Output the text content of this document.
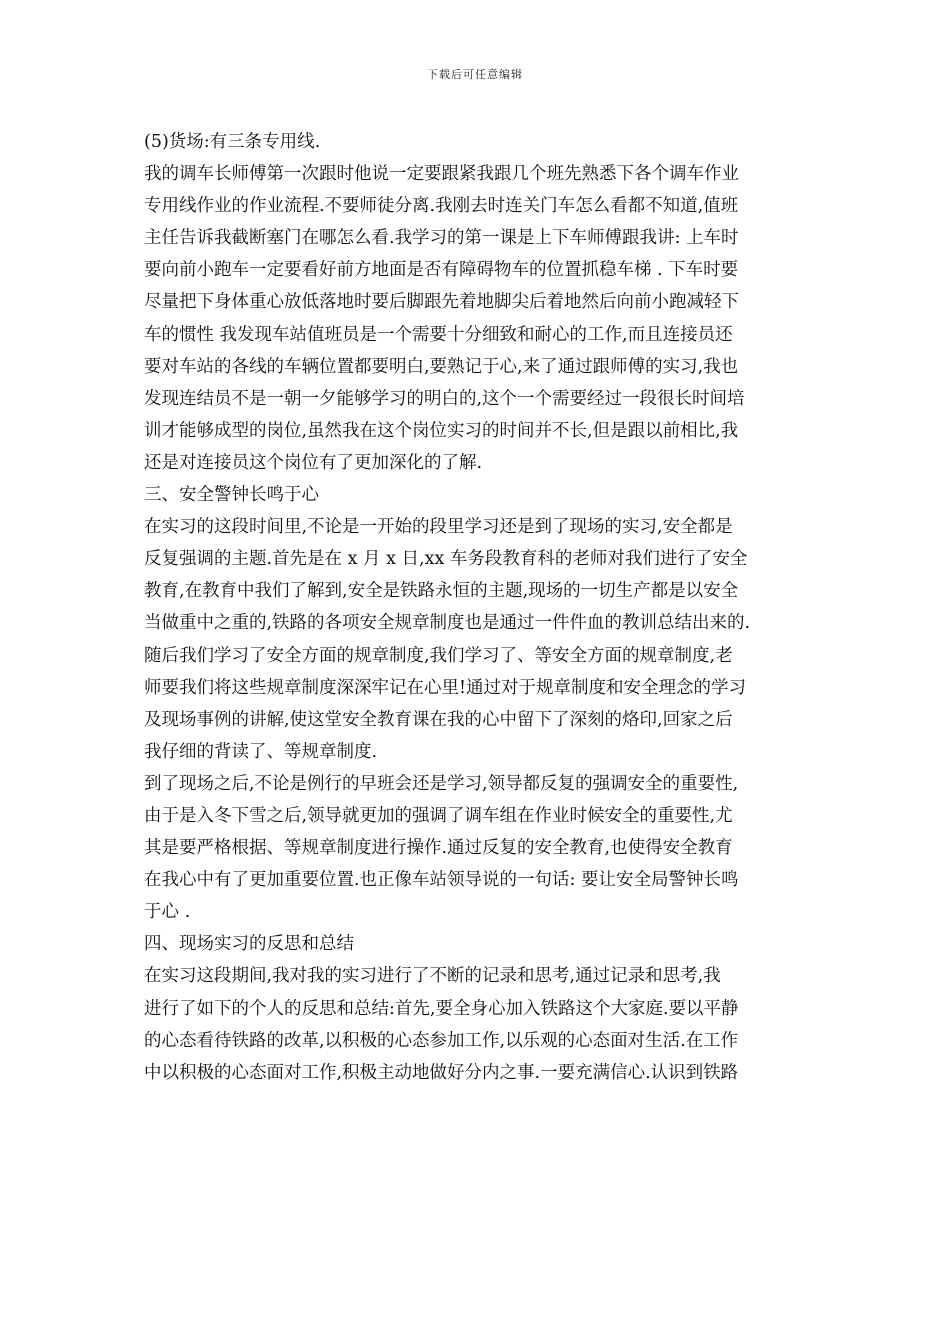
下载后可任意编辑
(5)货场:有三条专用线.
我的调车长师傅第一次跟时他说一定要跟紧我跟几个班先熟悉下各个调车作业
专用线作业的作业流程.不要师徒分离.我刚去时连关门车怎么看都不知道,值班
主任告诉我截断塞门在哪怎么看.我学习的第一课是上下车师傅跟我讲: 上车时
要向前小跑车一定要看好前方地面是否有障碍物车的位置抓稳车梯 . 下车时要
尽量把下身体重心放低落地时要后脚跟先着地脚尖后着地然后向前小跑减轻下
车的惯性 我发现车站值班员是一个需要十分细致和耐心的工作,而且连接员还
要对车站的各线的车辆位置都要明白,要熟记于心,来了通过跟师傅的实习,我也
发现连结员不是一朝一夕能够学习的明白的,这个一个需要经过一段很长时间培
训才能够成型的岗位,虽然我在这个岗位实习的时间并不长,但是跟以前相比,我
还是对连接员这个岗位有了更加深化的了解.
三、安全警钟长鸣于心
在实习的这段时间里,不论是一开始的段里学习还是到了现场的实习,安全都是
反复强调的主题.首先是在 x 月 x 日,xx 车务段教育科的老师对我们进行了安全
教育,在教育中我们了解到,安全是铁路永恒的主题,现场的一切生产都是以安全
当做重中之重的,铁路的各项安全规章制度也是通过一件件血的教训总结出来的.
随后我们学习了安全方面的规章制度,我们学习了、等安全方面的规章制度,老
师要我们将这些规章制度深深牢记在心里!通过对于规章制度和安全理念的学习
及现场事例的讲解,使这堂安全教育课在我的心中留下了深刻的烙印,回家之后
我仔细的背读了、等规章制度.
到了现场之后,不论是例行的早班会还是学习,领导都反复的强调安全的重要性,
由于是入冬下雪之后,领导就更加的强调了调车组在作业时候安全的重要性,尤
其是要严格根据、等规章制度进行操作.通过反复的安全教育,也使得安全教育
在我心中有了更加重要位置.也正像车站领导说的一句话: 要让安全局警钟长鸣
于心 .
四、现场实习的反思和总结
在实习这段期间,我对我的实习进行了不断的记录和思考,通过记录和思考,我
进行了如下的个人的反思和总结:首先,要全身心加入铁路这个大家庭.要以平静
的心态看待铁路的改革,以积极的心态参加工作,以乐观的心态面对生活.在工作
中以积极的心态面对工作,积极主动地做好分内之事.一要充满信心.认识到铁路
